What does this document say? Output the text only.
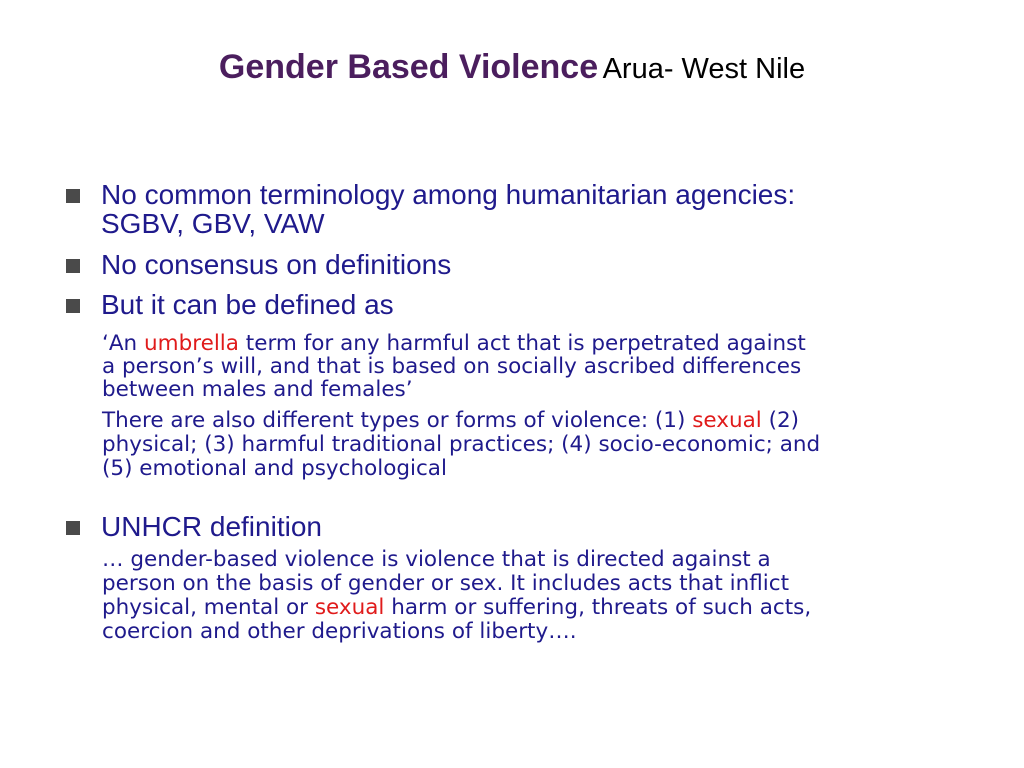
Gender Based Violence Arua- West Nile
No common terminology among humanitarian agencies:
SGBV, GBV, VAW
No consensus on definitions
But it can be defined as
‘An umbrella term for any harmful act that is perpetrated against
a person’s will, and that is based on socially ascribed differences
between males and females’
There are also different types or forms of violence: (1) sexual (2)
physical; (3) harmful traditional practices; (4) socio-economic; and
(5) emotional and psychological
UNHCR definition
… gender-based violence is violence that is directed against a
person on the basis of gender or sex. It includes acts that inflict
physical, mental or sexual harm or suffering, threats of such acts,
coercion and other deprivations of liberty….
